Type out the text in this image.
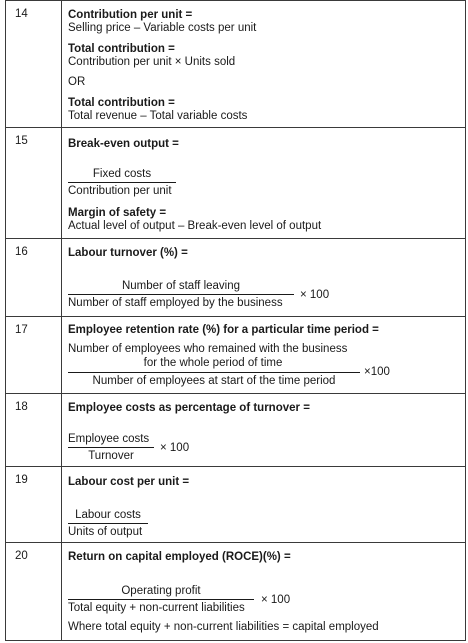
14	Contribution per unit =
Selling price – Variable costs per unit
Total contribution =
Contribution per unit × Units sold
OR
Total contribution =
Total revenue – Total variable costs
15	Break-even output =
Fixed costs
Contribution per unit
Margin of safety =
Actual level of output – Break-even level of output
16	Labour turnover (%) =
Number of staff leaving
Number of staff employed by the business
× 100
17	Employee retention rate (%) for a particular time period =
Number of employees who remained with the business
for the whole period of time
Number of employees at start of the time period
×100
18	Employee costs as percentage of turnover =
Employee costs
Turnover
× 100
19	Labour cost per unit =
Labour costs
Units of output
20	Return on capital employed (ROCE)(%) =
Operating profit
Total equity + non-current liabilities
× 100
Where total equity + non-current liabilities = capital employed
